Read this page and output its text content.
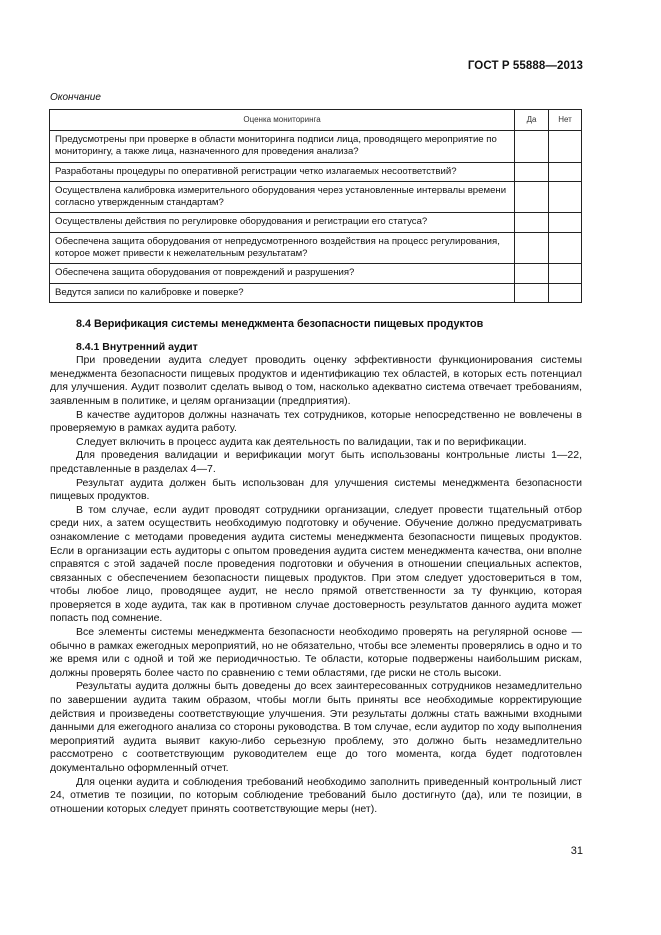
ГОСТ Р 55888—2013
Окончание
Оценка мониторинга	Да	Нет
Предусмотрены при проверке в области мониторинга подписи лица, проводящего мероприятие по мониторингу, а также лица, назначенного для проведения анализа?		
Разработаны процедуры по оперативной регистрации четко излагаемых несоответствий?		
Осуществлена калибровка измерительного оборудования через установленные интервалы времени согласно утвержденным стандартам?		
Осуществлены действия по регулировке оборудования и регистрации его статуса?		
Обеспечена защита оборудования от непредусмотренного воздействия на процесс регулирования, которое может привести к нежелательным результатам?		
Обеспечена защита оборудования от повреждений и разрушения?		
Ведутся записи по калибровке и поверке?		

8.4 Верификация системы менеджмента безопасности пищевых продуктов

8.4.1 Внутренний аудит

При проведении аудита следует проводить оценку эффективности функционирования системы менеджмента безопасности пищевых продуктов и идентификацию тех областей, в которых есть потенциал для улучшения. Аудит позволит сделать вывод о том, насколько адекватно система отвечает требованиям, заявленным в политике, и целям организации (предприятия).

В качестве аудиторов должны назначать тех сотрудников, которые непосредственно не вовлечены в проверяемую в рамках аудита работу.

Следует включить в процесс аудита как деятельность по валидации, так и по верификации.

Для проведения валидации и верификации могут быть использованы контрольные листы 1—22, представленные в разделах 4—7.

Результат аудита должен быть использован для улучшения системы менеджмента безопасности пищевых продуктов.

В том случае, если аудит проводят сотрудники организации, следует провести тщательный отбор среди них, а затем осуществить необходимую подготовку и обучение. Обучение должно предусматривать ознакомление с методами проведения аудита системы менеджмента безопасности пищевых продуктов. Если в организации есть аудиторы с опытом проведения аудита систем менеджмента качества, они вполне справятся с этой задачей после проведения подготовки и обучения в отношении специальных аспектов, связанных с обеспечением безопасности пищевых продуктов. При этом следует удостовериться в том, чтобы любое лицо, проводящее аудит, не несло прямой ответственности за ту функцию, которая проверяется в ходе аудита, так как в противном случае достоверность результатов данного аудита может попасть под сомнение.

Все элементы системы менеджмента безопасности необходимо проверять на регулярной основе — обычно в рамках ежегодных мероприятий, но не обязательно, чтобы все элементы проверялись в одно и то же время или с одной и той же периодичностью. Те области, которые подвержены наибольшим рискам, должны проверять более часто по сравнению с теми областями, где риски не столь высоки.

Результаты аудита должны быть доведены до всех заинтересованных сотрудников незамедлительно по завершении аудита таким образом, чтобы могли быть приняты все необходимые корректирующие действия и произведены соответствующие улучшения. Эти результаты должны стать важными входными данными для ежегодного анализа со стороны руководства. В том случае, если аудитор по ходу выполнения мероприятий аудита выявит какую-либо серьезную проблему, это должно быть незамедлительно рассмотрено с соответствующим руководителем еще до того момента, когда будет подготовлен документально оформленный отчет.

Для оценки аудита и соблюдения требований необходимо заполнить приведенный контрольный лист 24, отметив те позиции, по которым соблюдение требований было достигнуто (да), или те позиции, в отношении которых следует принять соответствующие меры (нет).

31
